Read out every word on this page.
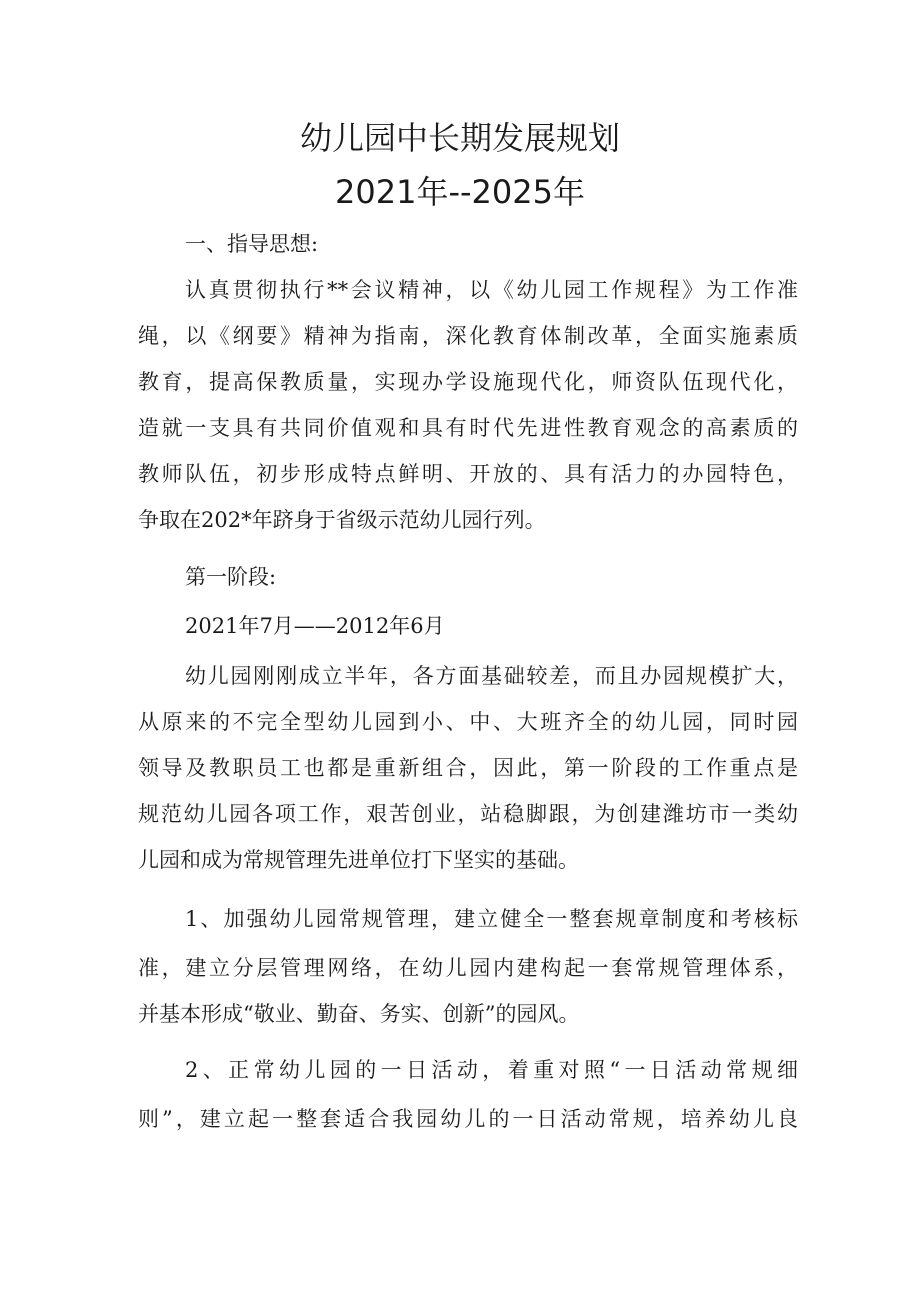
幼儿园中长期发展规划
2021年--2025年

一、指导思想:

认真贯彻执行**会议精神，以《幼儿园工作规程》为工作准

绳，以《纲要》精神为指南，深化教育体制改革，全面实施素质

教育，提高保教质量，实现办学设施现代化，师资队伍现代化，

造就一支具有共同价值观和具有时代先进性教育观念的高素质的

教师队伍，初步形成特点鲜明、开放的、具有活力的办园特色，

争取在202*年跻身于省级示范幼儿园行列。

第一阶段:

2021年7月——2012年6月

幼儿园刚刚成立半年，各方面基础较差，而且办园规模扩大，

从原来的不完全型幼儿园到小、中、大班齐全的幼儿园，同时园

领导及教职员工也都是重新组合，因此，第一阶段的工作重点是

规范幼儿园各项工作，艰苦创业，站稳脚跟，为创建潍坊市一类幼

儿园和成为常规管理先进单位打下坚实的基础。

1、加强幼儿园常规管理，建立健全一整套规章制度和考核标

准，建立分层管理网络，在幼儿园内建构起一套常规管理体系，

并基本形成“敬业、勤奋、务实、创新”的园风。

2、正常幼儿园的一日活动，着重对照“一日活动常规细

则”，建立起一整套适合我园幼儿的一日活动常规，培养幼儿良
